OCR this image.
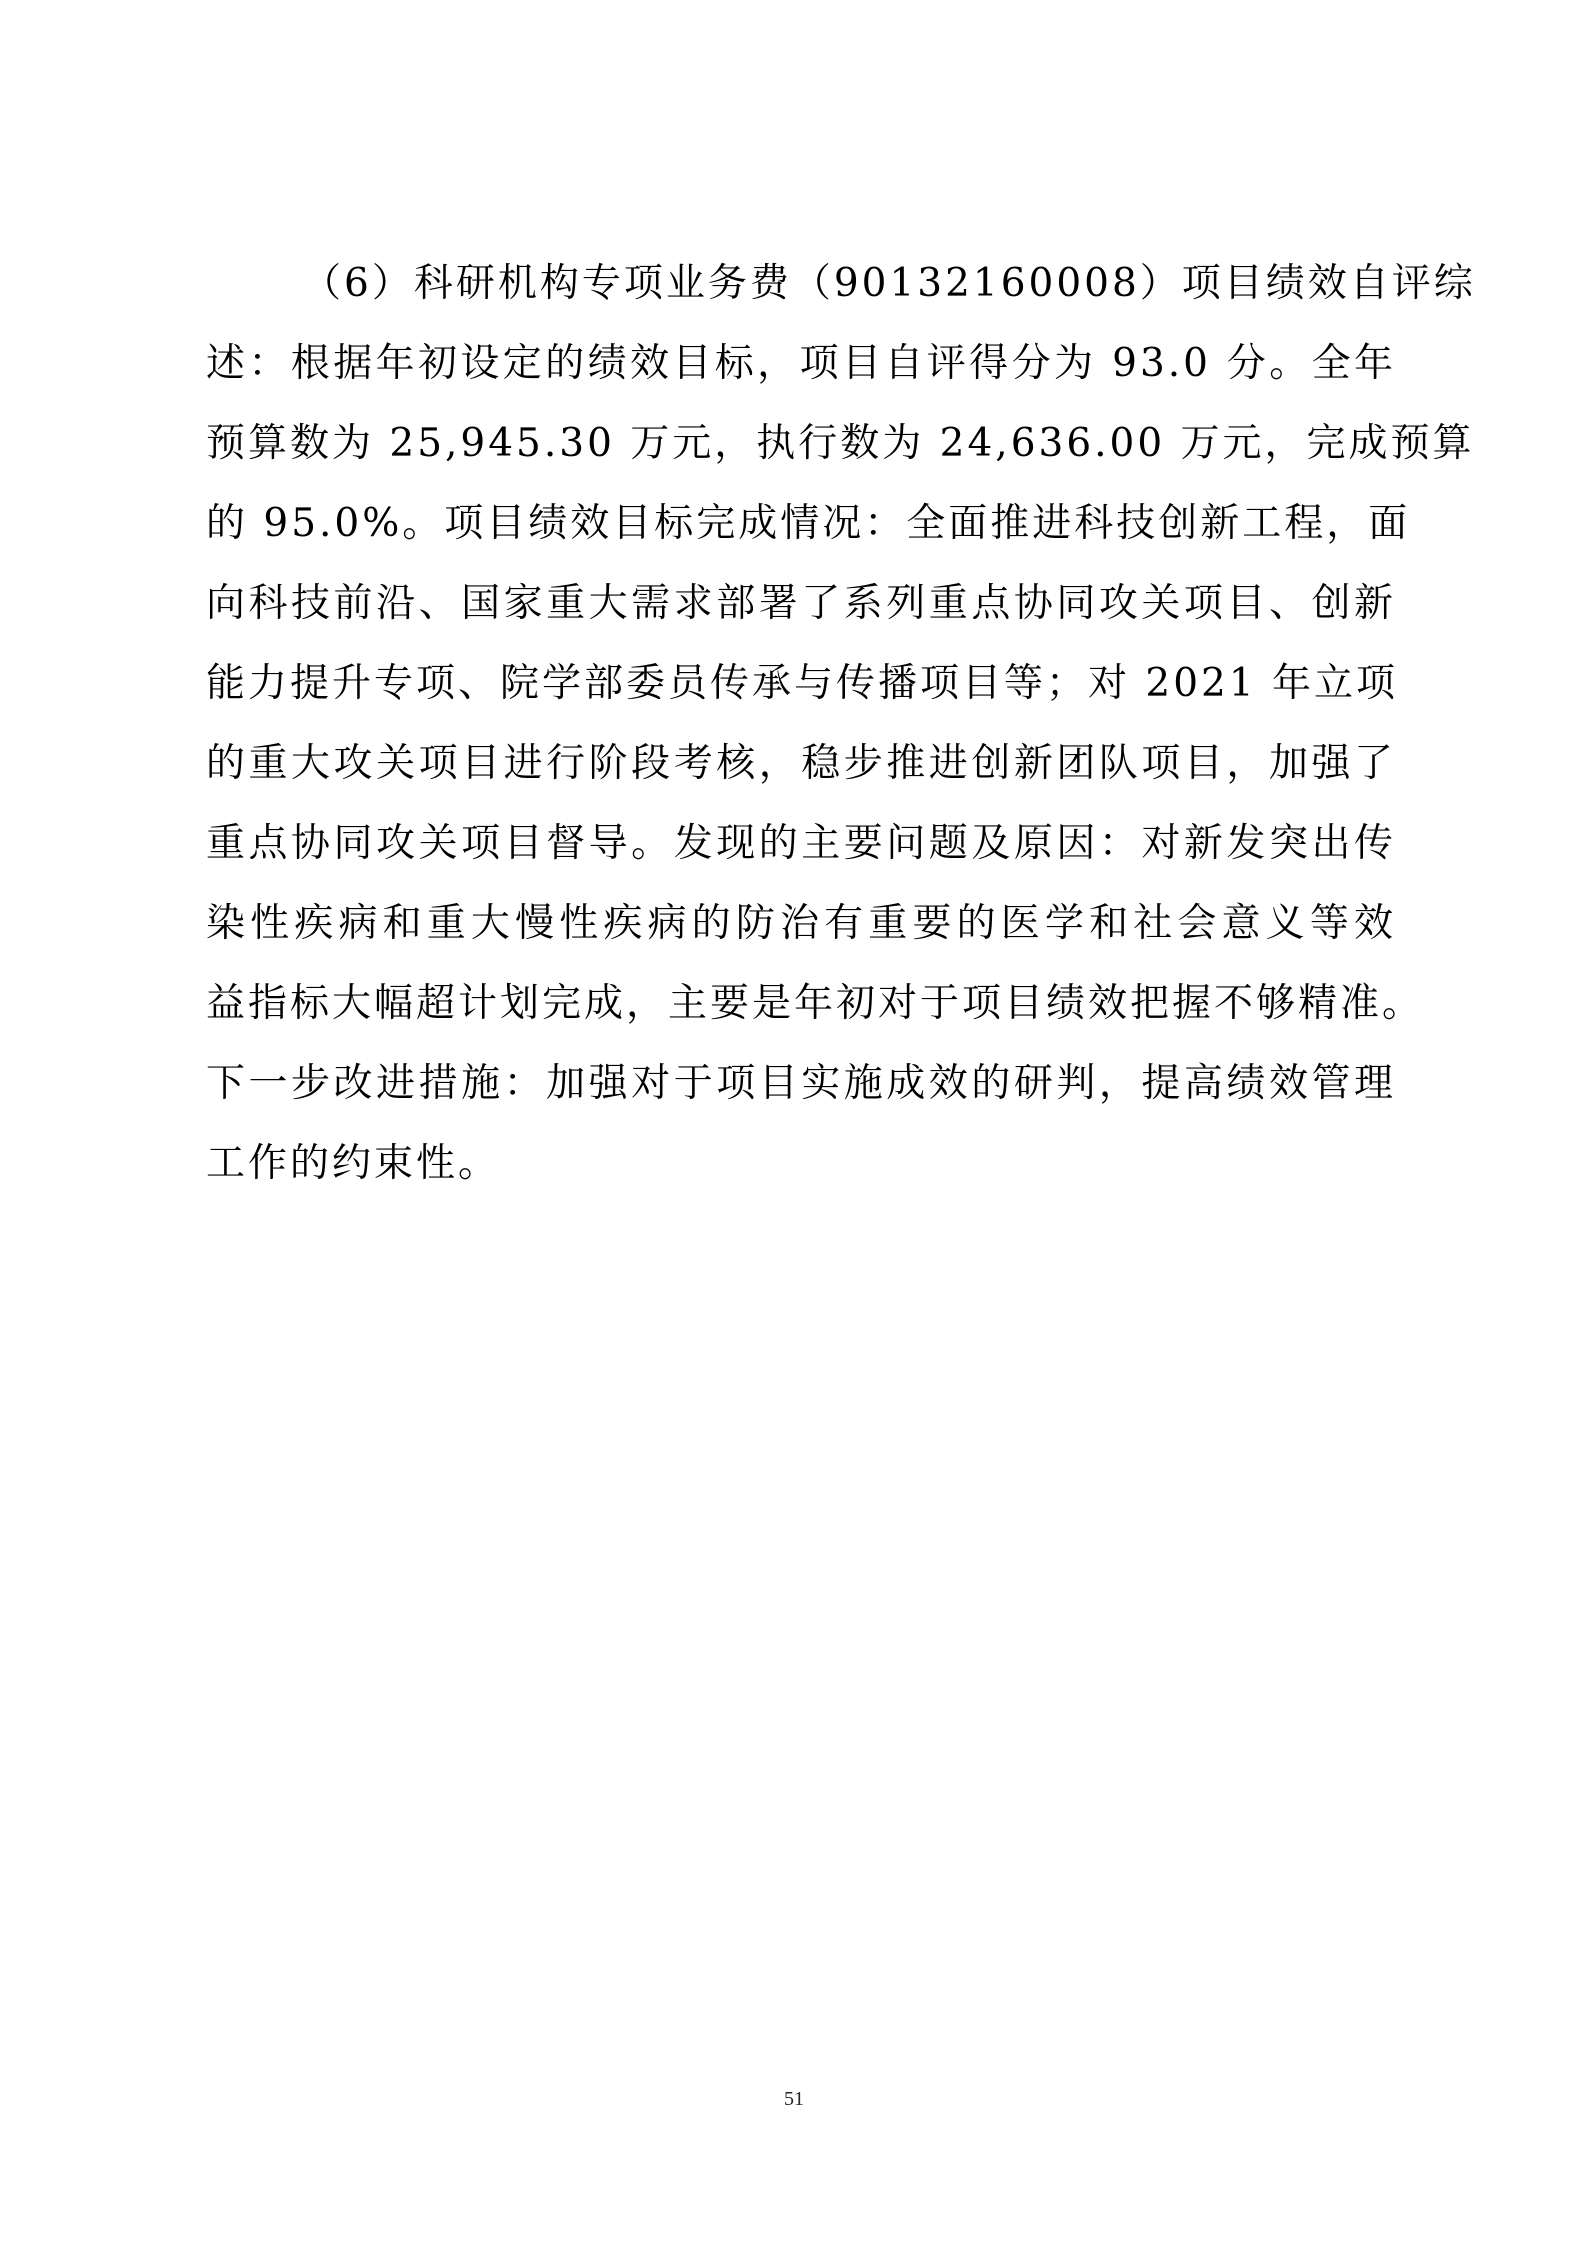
（6）科研机构专项业务费（90132160008）项目绩效自评综
述：根据年初设定的绩效目标，项目自评得分为 93.0 分。全年
预算数为 25,945.30 万元，执行数为 24,636.00 万元，完成预算
的 95.0%。项目绩效目标完成情况：全面推进科技创新工程，面
向科技前沿、国家重大需求部署了系列重点协同攻关项目、创新
能力提升专项、院学部委员传承与传播项目等；对 2021 年立项
的重大攻关项目进行阶段考核，稳步推进创新团队项目，加强了
重点协同攻关项目督导。发现的主要问题及原因：对新发突出传
染性疾病和重大慢性疾病的防治有重要的医学和社会意义等效
益指标大幅超计划完成，主要是年初对于项目绩效把握不够精准。
下一步改进措施：加强对于项目实施成效的研判，提高绩效管理
工作的约束性。
51
